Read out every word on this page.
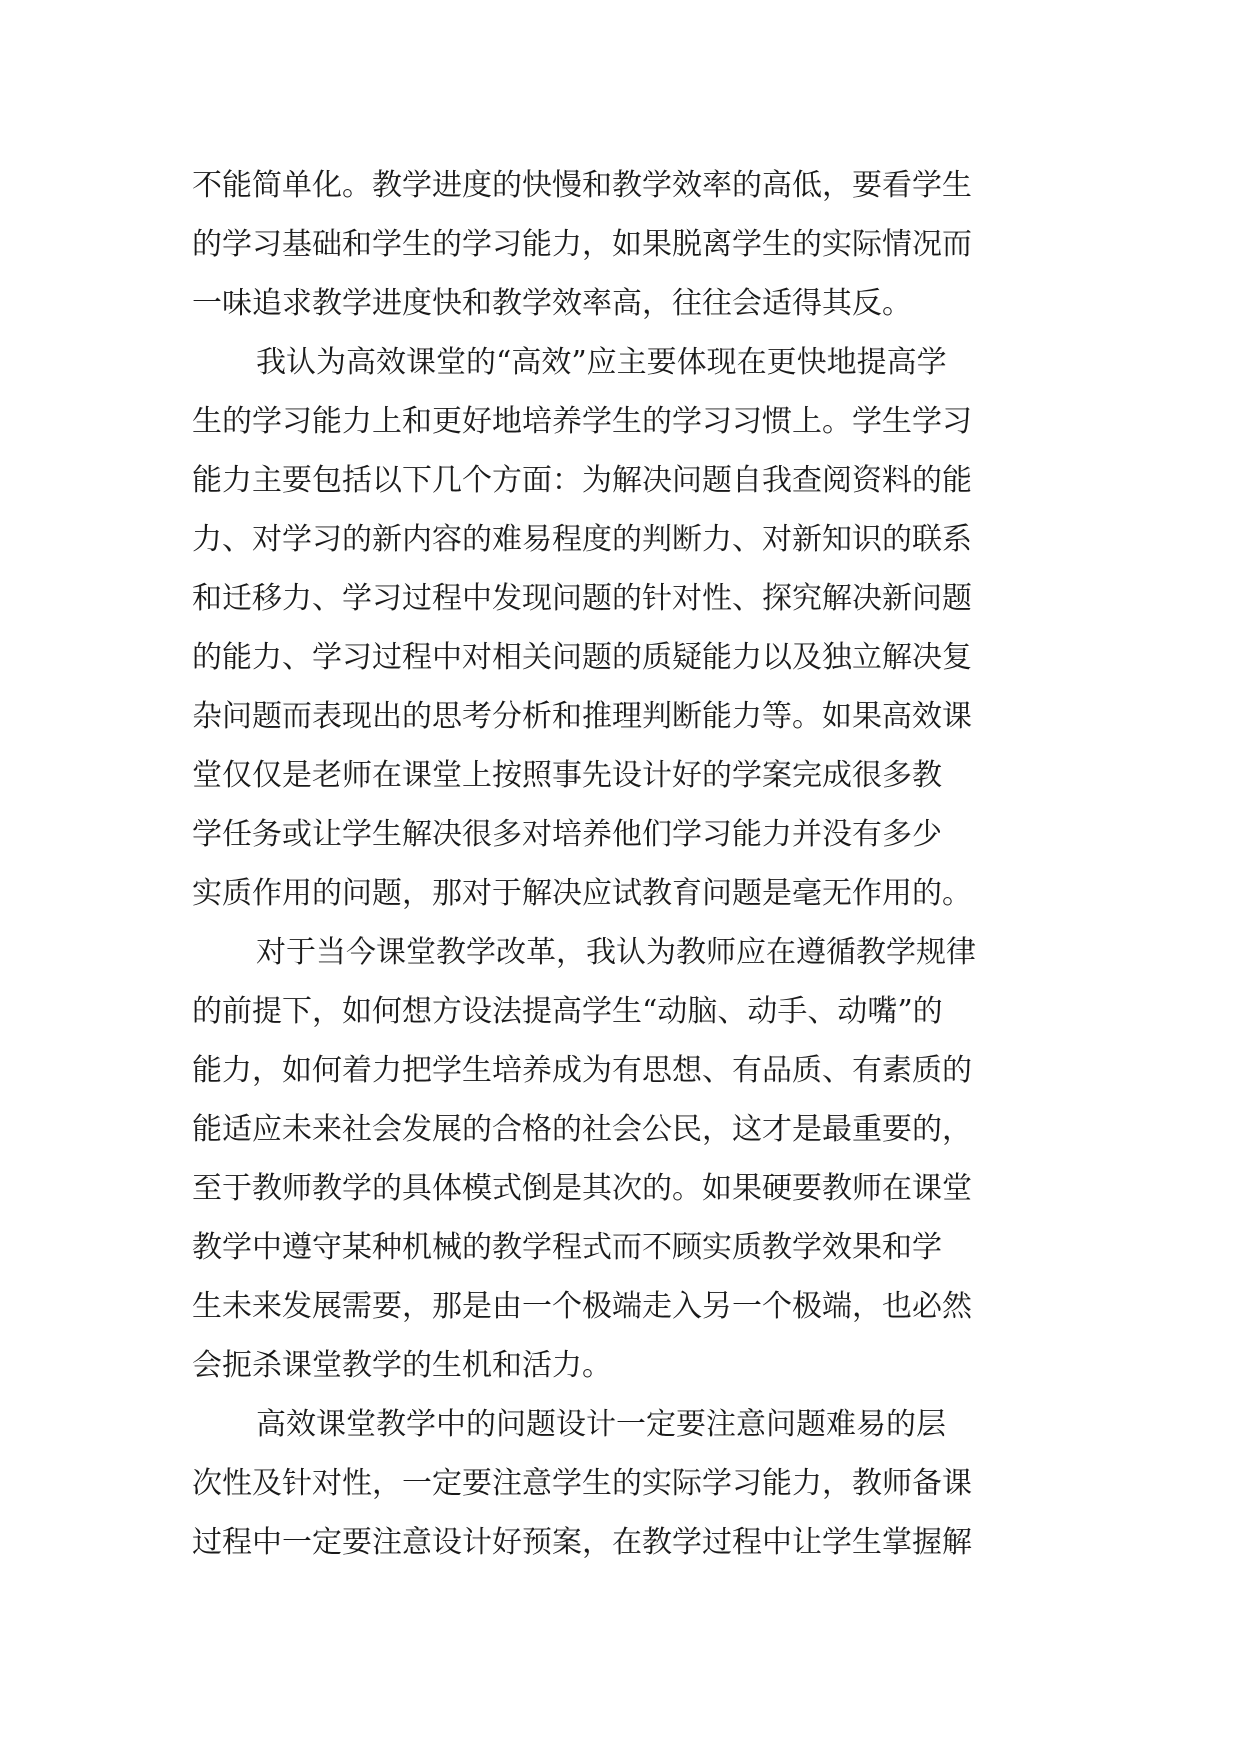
不能简单化。教学进度的快慢和教学效率的高低，要看学生
的学习基础和学生的学习能力，如果脱离学生的实际情况而
一味追求教学进度快和教学效率高，往往会适得其反。
我认为高效课堂的“高效”应主要体现在更快地提高学
生的学习能力上和更好地培养学生的学习习惯上。学生学习
能力主要包括以下几个方面：为解决问题自我查阅资料的能
力、对学习的新内容的难易程度的判断力、对新知识的联系
和迁移力、学习过程中发现问题的针对性、探究解决新问题
的能力、学习过程中对相关问题的质疑能力以及独立解决复
杂问题而表现出的思考分析和推理判断能力等。如果高效课
堂仅仅是老师在课堂上按照事先设计好的学案完成很多教
学任务或让学生解决很多对培养他们学习能力并没有多少
实质作用的问题，那对于解决应试教育问题是毫无作用的。
对于当今课堂教学改革，我认为教师应在遵循教学规律
的前提下，如何想方设法提高学生“动脑、动手、动嘴”的
能力，如何着力把学生培养成为有思想、有品质、有素质的
能适应未来社会发展的合格的社会公民，这才是最重要的，
至于教师教学的具体模式倒是其次的。如果硬要教师在课堂
教学中遵守某种机械的教学程式而不顾实质教学效果和学
生未来发展需要，那是由一个极端走入另一个极端，也必然
会扼杀课堂教学的生机和活力。
高效课堂教学中的问题设计一定要注意问题难易的层
次性及针对性，一定要注意学生的实际学习能力，教师备课
过程中一定要注意设计好预案，在教学过程中让学生掌握解
